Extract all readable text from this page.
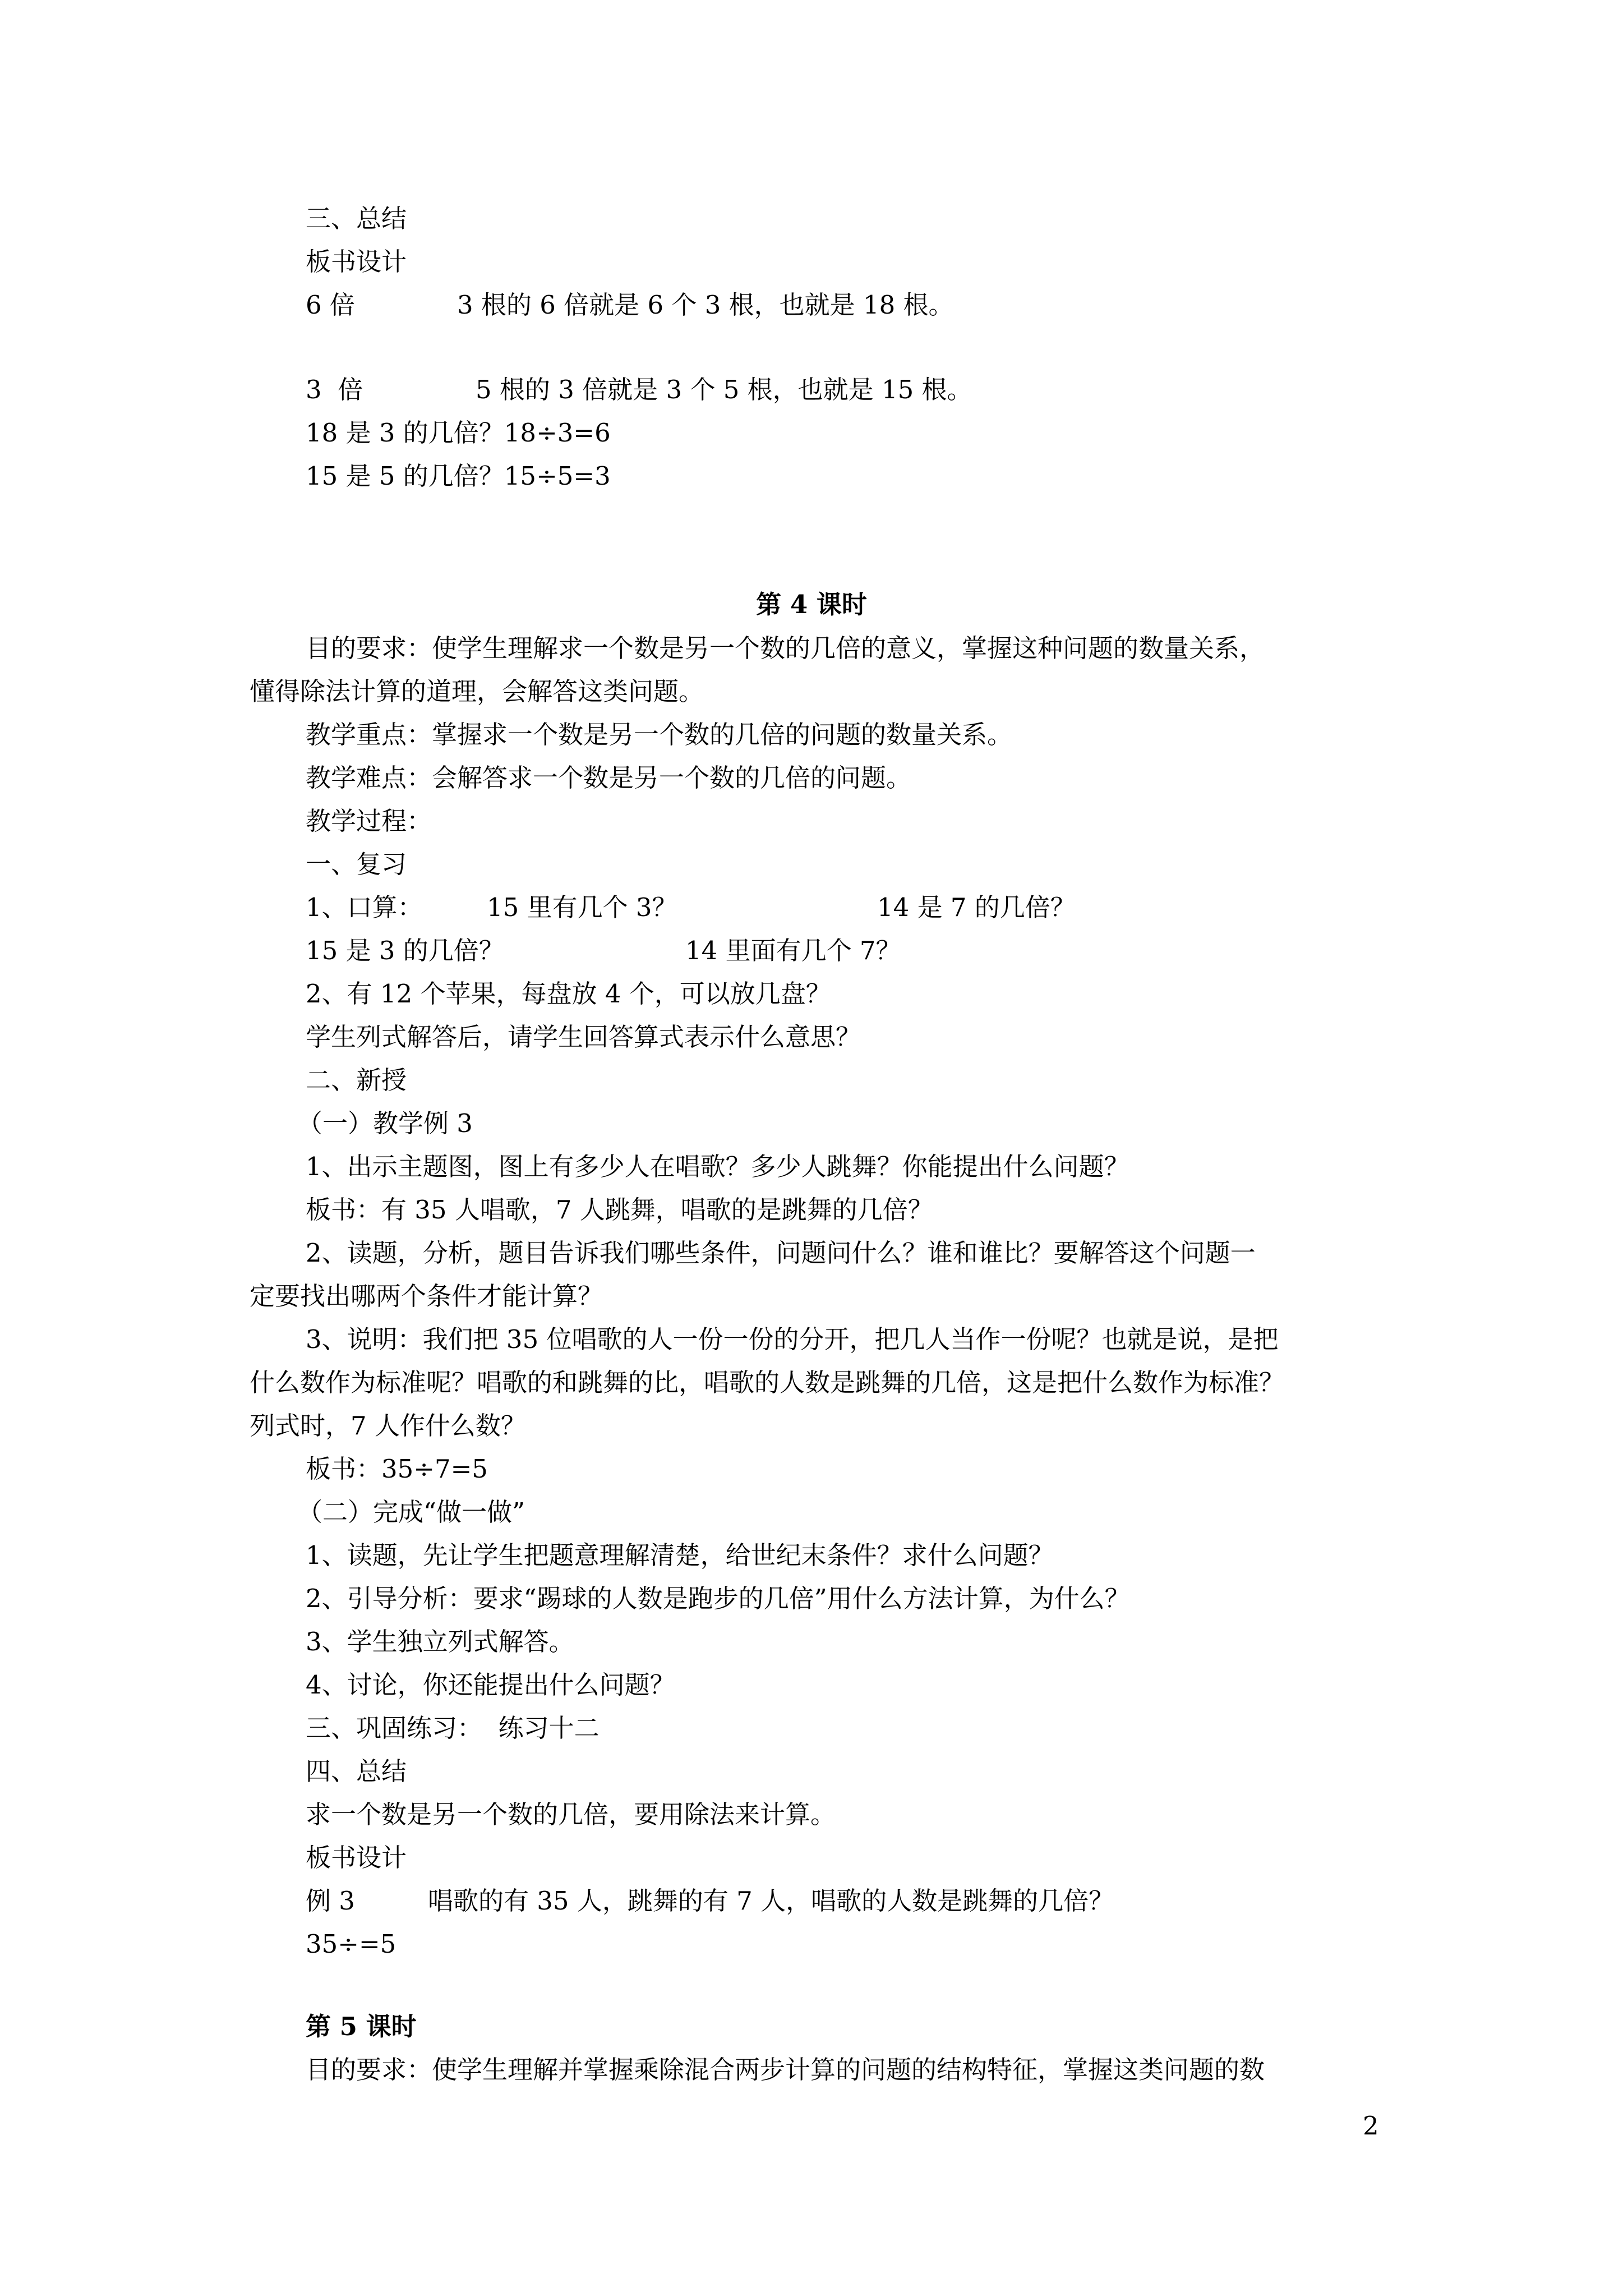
三、总结
板书设计
6 倍	3 根的 6 倍就是 6 个 3 根，也就是 18 根。
3  倍	5 根的 3 倍就是 3 个 5 根，也就是 15 根。
18 是 3 的几倍？18÷3=6
15 是 5 的几倍？15÷5=3
第 4 课时
目的要求：使学生理解求一个数是另一个数的几倍的意义，掌握这种问题的数量关系，
懂得除法计算的道理，会解答这类问题。
教学重点：掌握求一个数是另一个数的几倍的问题的数量关系。
教学难点：会解答求一个数是另一个数的几倍的问题。
教学过程：
一、复习
1、口算：	15 里有几个 3？	14 是 7 的几倍？
15 是 3 的几倍？	14 里面有几个 7？
2、有 12 个苹果，每盘放 4 个，可以放几盘？
学生列式解答后，请学生回答算式表示什么意思？
二、新授
（一）教学例 3
1、出示主题图，图上有多少人在唱歌？多少人跳舞？你能提出什么问题？
板书：有 35 人唱歌，7 人跳舞，唱歌的是跳舞的几倍？
2、读题，分析，题目告诉我们哪些条件，问题问什么？谁和谁比？要解答这个问题一
定要找出哪两个条件才能计算？
3、说明：我们把 35 位唱歌的人一份一份的分开，把几人当作一份呢？也就是说，是把
什么数作为标准呢？唱歌的和跳舞的比，唱歌的人数是跳舞的几倍，这是把什么数作为标准？
列式时，7 人作什么数？
板书：35÷7=5
（二）完成“做一做”
1、读题，先让学生把题意理解清楚，给世纪末条件？求什么问题？
2、引导分析：要求“踢球的人数是跑步的几倍”用什么方法计算，为什么？
3、学生独立列式解答。
4、讨论，你还能提出什么问题？
三、巩固练习：  练习十二
四、总结
求一个数是另一个数的几倍，要用除法来计算。
板书设计
例 3	唱歌的有 35 人，跳舞的有 7 人，唱歌的人数是跳舞的几倍？
35÷=5
第 5 课时
目的要求：使学生理解并掌握乘除混合两步计算的问题的结构特征，掌握这类问题的数
2
